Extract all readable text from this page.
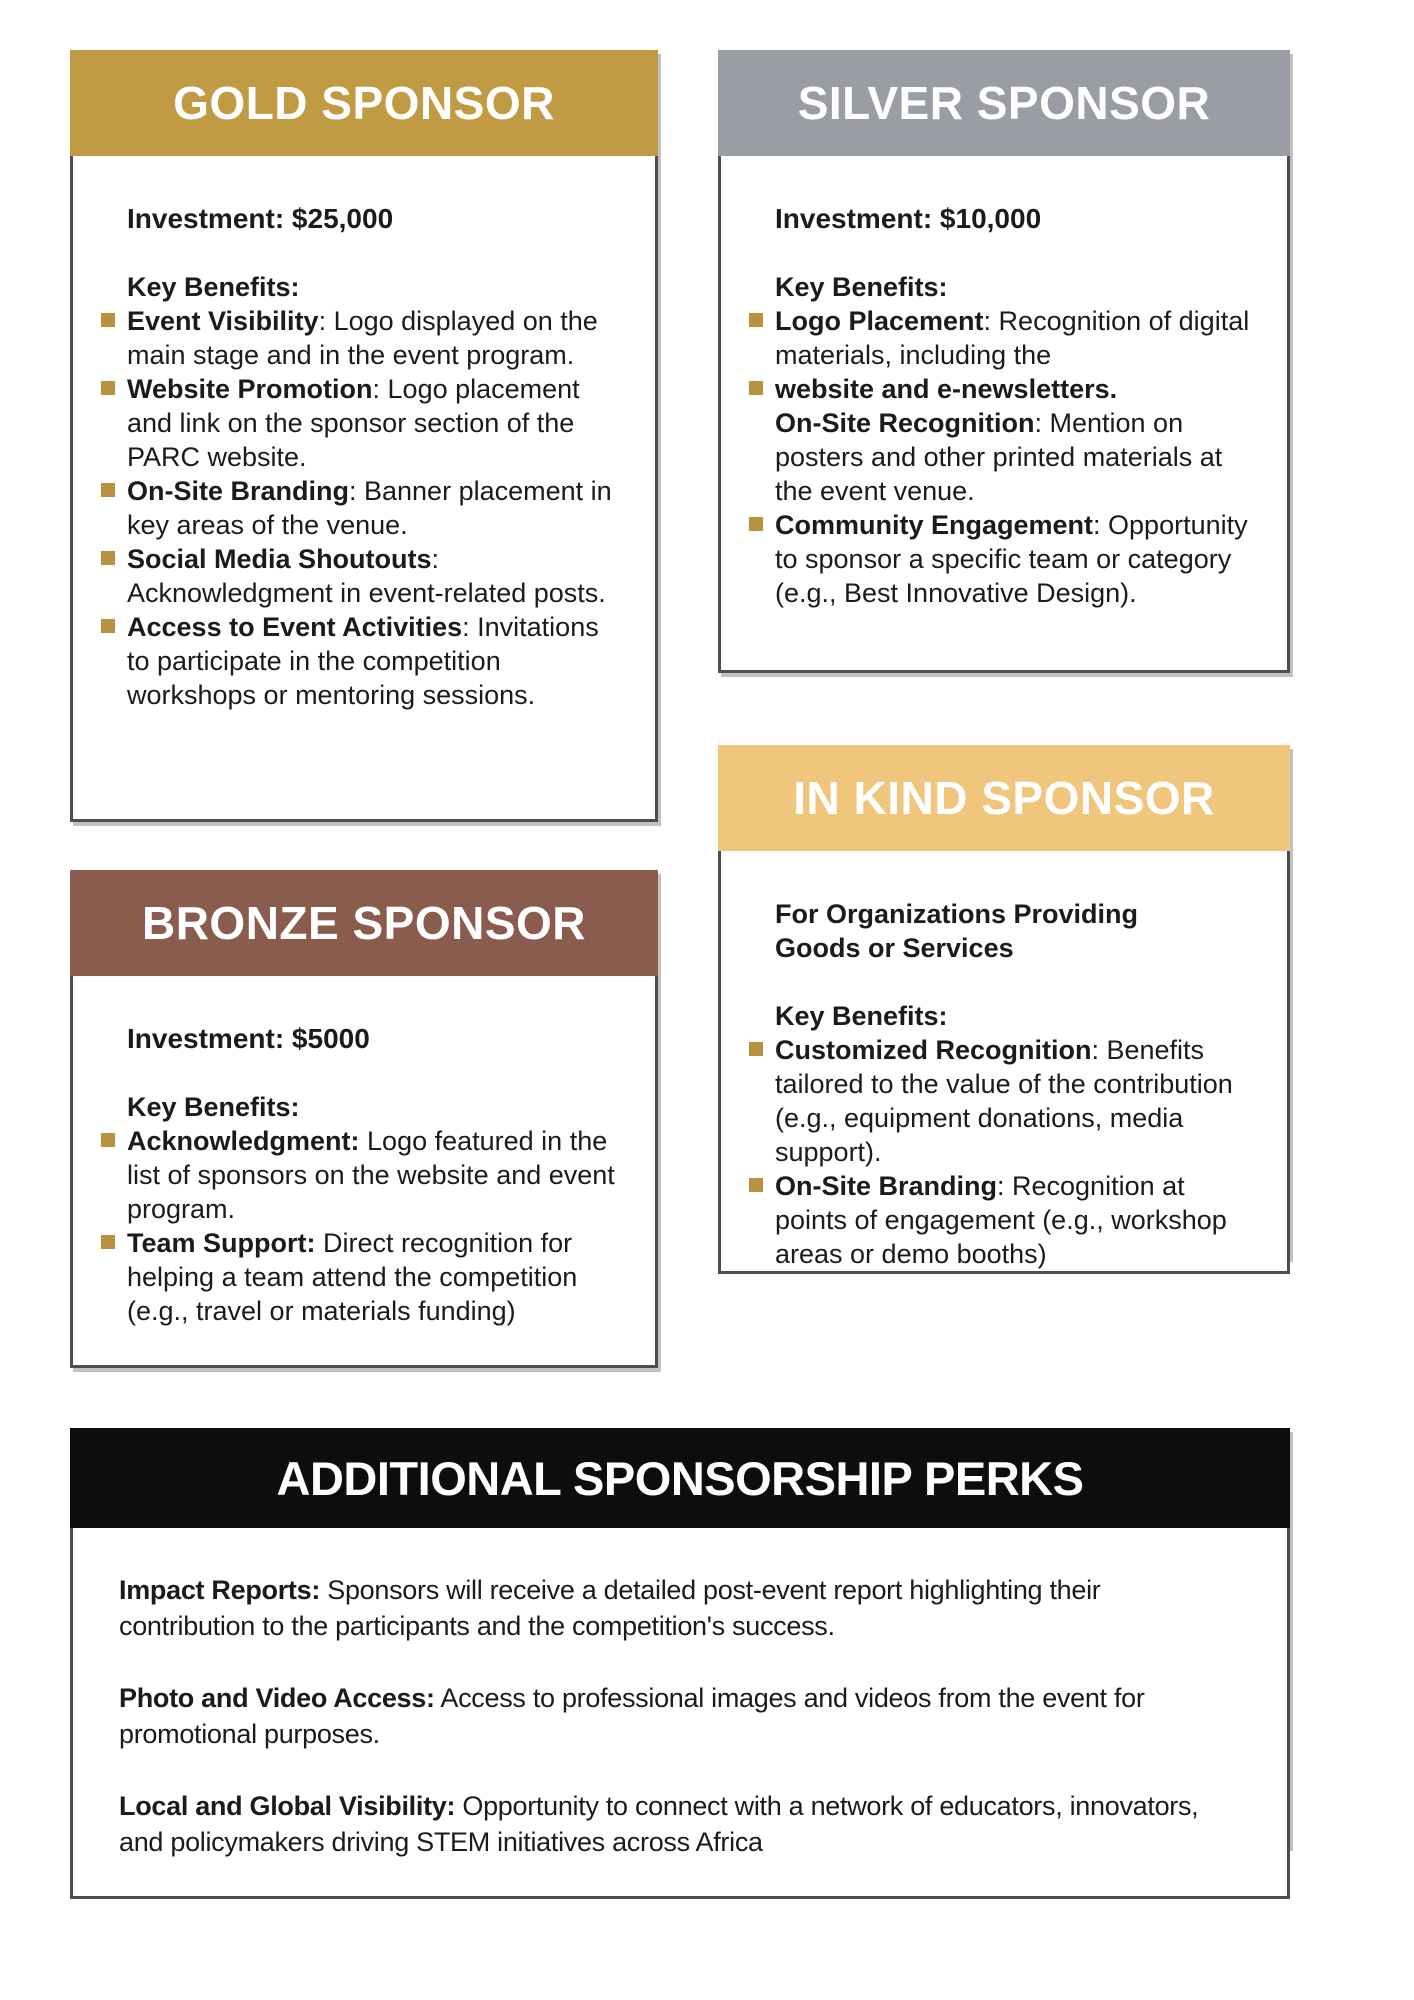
GOLD SPONSOR

Investment: $25,000

Key Benefits:

Event Visibility: Logo displayed on the main stage and in the event program.
Website Promotion: Logo placement and link on the sponsor section of the PARC website.
On-Site Branding: Banner placement in key areas of the venue.
Social Media Shoutouts: Acknowledgment in event-related posts.
Access to Event Activities: Invitations to participate in the competition workshops or mentoring sessions.
SILVER SPONSOR

Investment: $10,000

Key Benefits:

Logo Placement: Recognition of digital materials, including the
website and e-newsletters.
On-Site Recognition: Mention on posters and other printed materials at the event venue.
Community Engagement: Opportunity to sponsor a specific team or category (e.g., Best Innovative Design).
IN KIND SPONSOR

For Organizations Providing
Goods or Services

Key Benefits:

Customized Recognition: Benefits tailored to the value of the contribution (e.g., equipment donations, media support).
On-Site Branding: Recognition at points of engagement (e.g., workshop areas or demo booths)
BRONZE SPONSOR

Investment: $5000

Key Benefits:

Acknowledgment: Logo featured in the list of sponsors on the website and event program.
Team Support: Direct recognition for helping a team attend the competition (e.g., travel or materials funding)
ADDITIONAL SPONSORSHIP PERKS

Impact Reports: Sponsors will receive a detailed post-event report highlighting their contribution to the participants and the competition's success.

Photo and Video Access: Access to professional images and videos from the event for promotional purposes.

Local and Global Visibility: Opportunity to connect with a network of educators, innovators, and policymakers driving STEM initiatives across Africa
